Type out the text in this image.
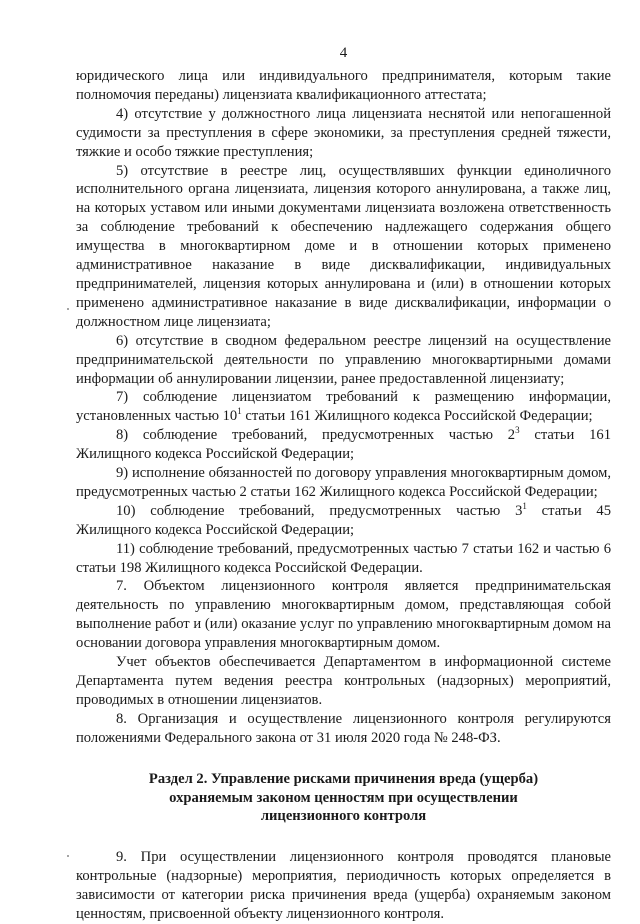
4

юридического лица или индивидуального предпринимателя, которым такие полномочия переданы) лицензиата квалификационного аттестата;

4) отсутствие у должностного лица лицензиата неснятой или непогашенной судимости за преступления в сфере экономики, за преступления средней тяжести, тяжкие и особо тяжкие преступления;

5) отсутствие в реестре лиц, осуществлявших функции единоличного исполнительного органа лицензиата, лицензия которого аннулирована, а также лиц, на которых уставом или иными документами лицензиата возложена ответственность за соблюдение требований к обеспечению надлежащего содержания общего имущества в многоквартирном доме и в отношении которых применено административное наказание в виде дисквалификации, индивидуальных предпринимателей, лицензия которых аннулирована и (или) в отношении которых применено административное наказание в виде дисквалификации, информации о должностном лице лицензиата;

6) отсутствие в сводном федеральном реестре лицензий на осуществление предпринимательской деятельности по управлению многоквартирными домами информации об аннулировании лицензии, ранее предоставленной лицензиату;

7) соблюдение лицензиатом требований к размещению информации, установленных частью $10^1$ статьи 161 Жилищного кодекса Российской Федерации;

8) соблюдение требований, предусмотренных частью $2^3$ статьи 161 Жилищного кодекса Российской Федерации;

9) исполнение обязанностей по договору управления многоквартирным домом, предусмотренных частью 2 статьи 162 Жилищного кодекса Российской Федерации;

10) соблюдение требований, предусмотренных частью $3^1$ статьи 45 Жилищного кодекса Российской Федерации;

11) соблюдение требований, предусмотренных частью 7 статьи 162 и частью 6 статьи 198 Жилищного кодекса Российской Федерации.

7. Объектом лицензионного контроля является предпринимательская деятельность по управлению многоквартирным домом, представляющая собой выполнение работ и (или) оказание услуг по управлению многоквартирным домом на основании договора управления многоквартирным домом.

Учет объектов обеспечивается Департаментом в информационной системе Департамента путем ведения реестра контрольных (надзорных) мероприятий, проводимых в отношении лицензиатов.

8. Организация и осуществление лицензионного контроля регулируются положениями Федерального закона от 31 июля 2020 года № 248-ФЗ.

Раздел 2. Управление рисками причинения вреда (ущерба)

охраняемым законом ценностям при осуществлении

лицензионного контроля

9. При осуществлении лицензионного контроля проводятся плановые контрольные (надзорные) мероприятия, периодичность которых определяется в зависимости от категории риска причинения вреда (ущерба) охраняемым законом ценностям, присвоенной объекту лицензионного контроля.
